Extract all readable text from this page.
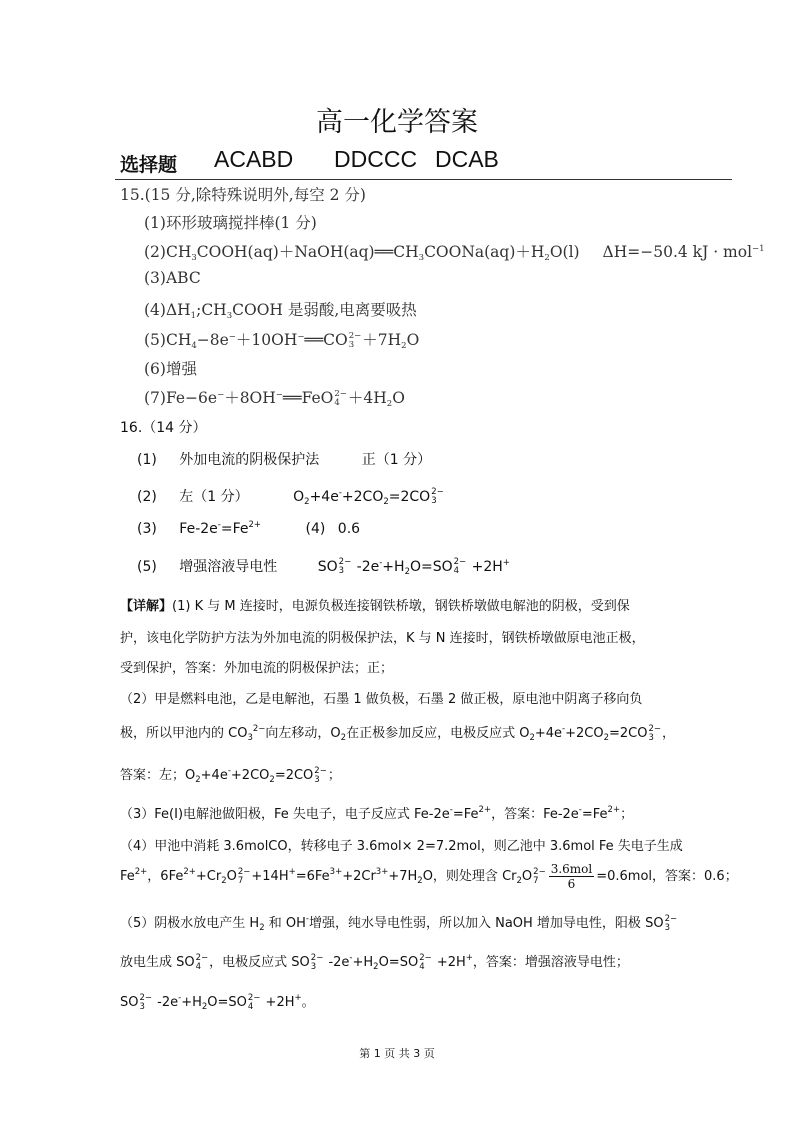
高一化学答案
选择题 ACABD DDCCC DCAB
15.(15 分,除特殊说明外,每空 2 分)
(1)环形玻璃搅拌棒(1 分)
(2)CH3COOH(aq)＋NaOH(aq)══CH3COONa(aq)＋H2O(l) ΔH=−50.4 kJ · mol$^{-1}$
(3)ABC
(4)ΔH1;CH3COOH 是弱酸,电离要吸热
(5)CH4−8e−＋10OH−══CO2−
3 ＋7H2O
(6)增强
(7)Fe−6e−＋8OH−══FeO2−
4 ＋4H2O
16.（14 分）
(1) 外加电流的阴极保护法	正（1 分）
(2) 左（1 分）	$O_2+4e^-+2CO_2=2CO2-$
3
(3) $Fe-2e^-=Fe^{2+}$	(4) 0.6
(5) 增强溶液导电性	SO2−
3 $-2e^-+H_2O=SO2-$
4 +2H+
【详解】(1) K 与 M 连接时，电源负极连接钢铁桥墩，钢铁桥墩做电解池的阴极，受到保
护，该电化学防护方法为外加电流的阴极保护法，K 与 N 连接时，钢铁桥墩做原电池正极，
受到保护，答案：外加电流的阴极保护法；正；
（2）甲是燃料电池，乙是电解池，石墨 1 做负极，石墨 2 做正极，原电池中阴离子移向负
极，所以甲池内的 $CO_3^{2-}$向左移动，$O_2$在正极参加反应，电极反应式 $O_2+4e^-+2CO_2=2CO2-$
3 ，
答案：左；$O_2+4e^-+2CO_2=2CO2-$
3 ；
（3）Fe(Ⅰ)电解池做阳极，Fe 失电子，电子反应式 $Fe-2e^-=Fe^{2+}$，答案：$Fe-2e^-=Fe^{2+}$；
（4）甲池中消耗 3.6molCO，转移电子 3.6mol× 2=7.2mol，则乙池中 3.6mol Fe 失电子生成
$Fe^{2+}$，$6Fe^{2+}+Cr_2O2-$
$7 +14H^+=6Fe^{3+}+2Cr^{3+}+7H_2O$，则处理含 $Cr_2O2-$
$7 \frac{\text{3.6mol}}{6} =0.6mol$，答案：0.6；
（5）阴极水放电产生 $H_2$ 和 OH-增强，纯水导电性弱，所以加入 NaOH 增加导电性，阳极 SO2−
3
放电生成 SO2−
4 ，电极反应式 SO2−
3 $-2e^-+H_2O=SO2-$
4 +2H+，答案：增强溶液导电性；
SO2−
3 $-2e^-+H_2O=SO2-$
4 +2H+。
第 1 页 共 3 页
